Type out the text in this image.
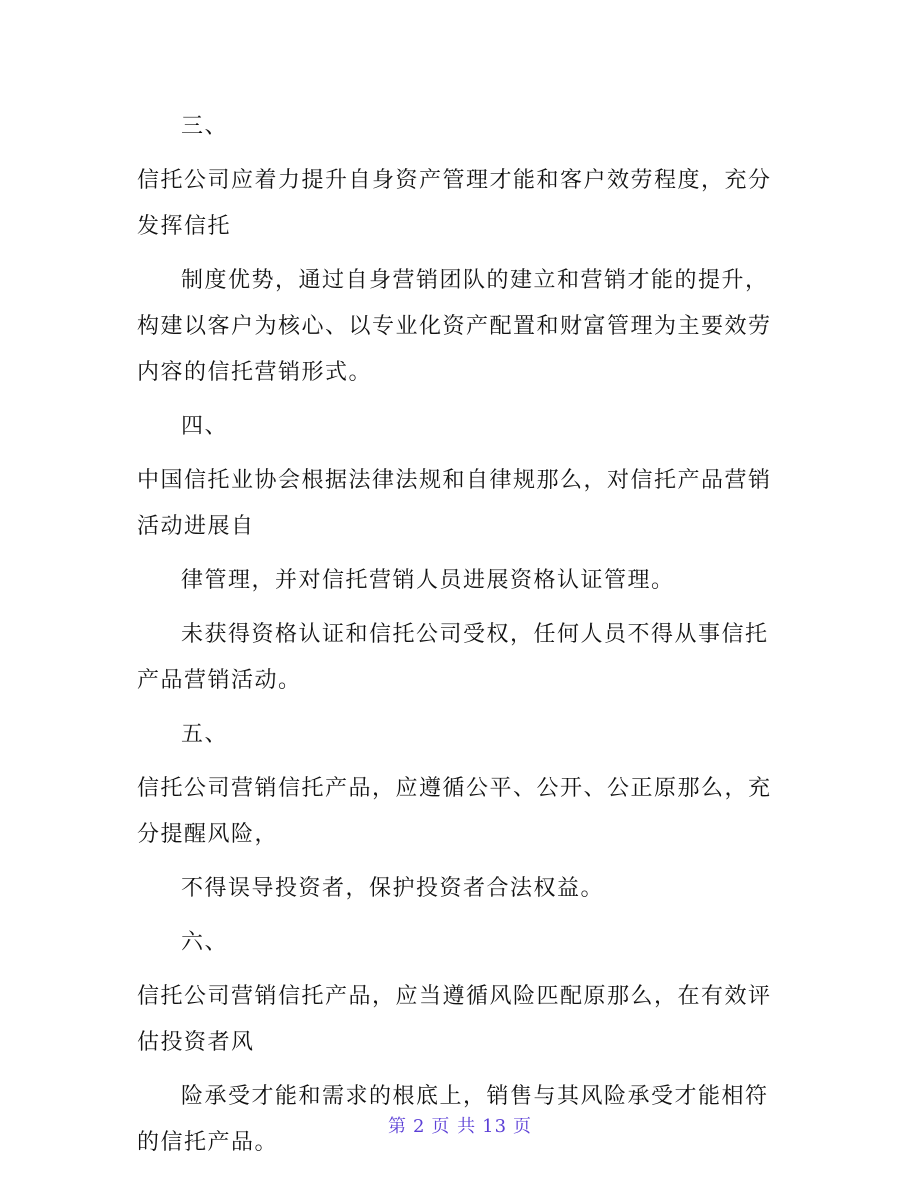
三、
信托公司应着力提升自身资产管理才能和客户效劳程度，充分
发挥信托
制度优势，通过自身营销团队的建立和营销才能的提升，
构建以客户为核心、以专业化资产配置和财富管理为主要效劳
内容的信托营销形式。
四、
中国信托业协会根据法律法规和自律规那么，对信托产品营销
活动进展自
律管理，并对信托营销人员进展资格认证管理。
未获得资格认证和信托公司受权，任何人员不得从事信托
产品营销活动。
五、
信托公司营销信托产品，应遵循公平、公开、公正原那么，充
分提醒风险，
不得误导投资者，保护投资者合法权益。
六、
信托公司营销信托产品，应当遵循风险匹配原那么，在有效评
估投资者风
险承受才能和需求的根底上，销售与其风险承受才能相符
的信托产品。
第 2 页 共 13 页
